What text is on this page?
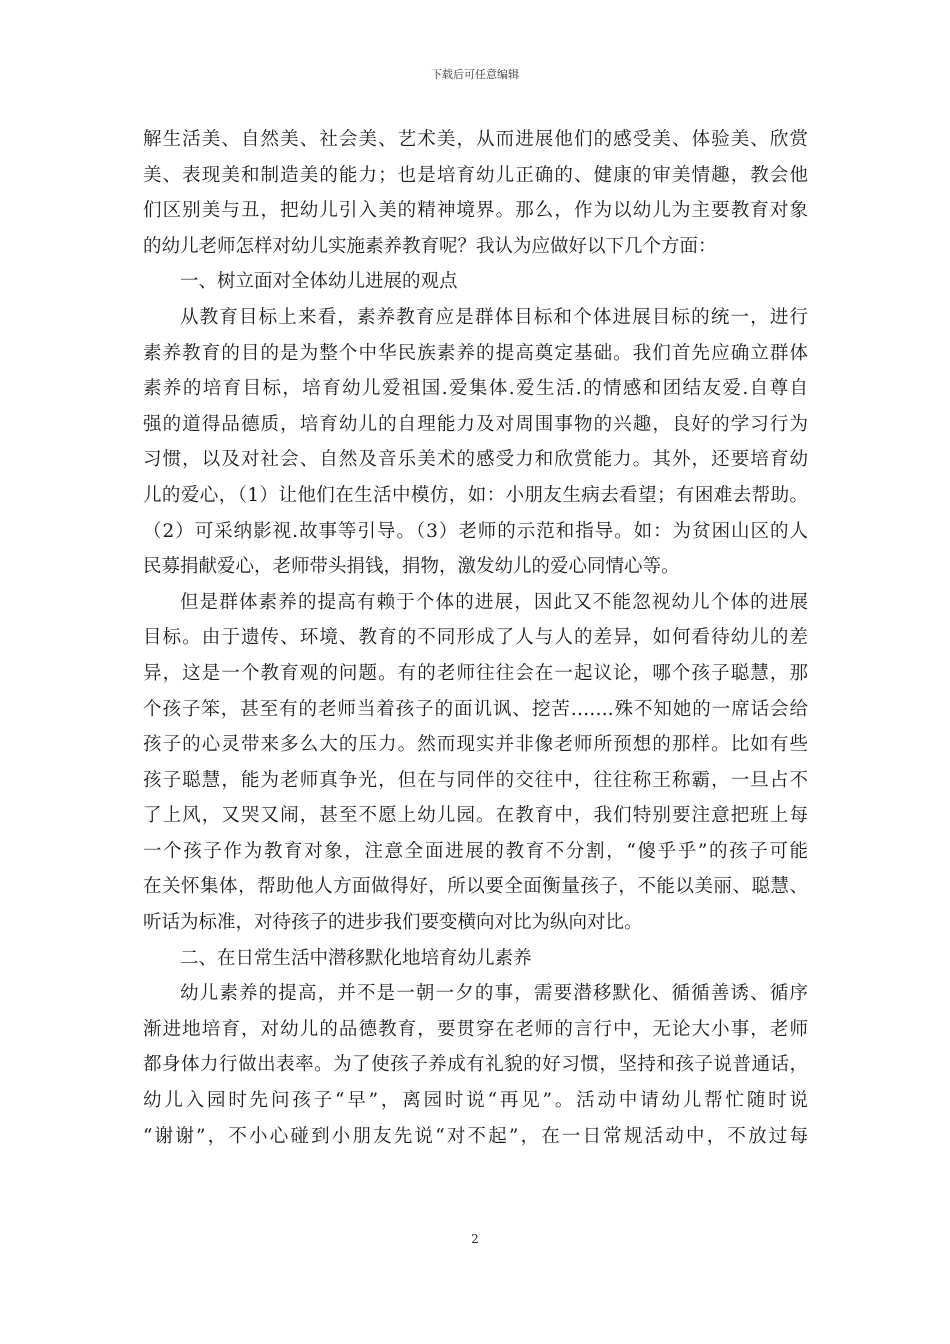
下载后可任意编辑
解生活美、自然美、社会美、艺术美，从而进展他们的感受美、体验美、欣赏
美、表现美和制造美的能力；也是培育幼儿正确的、健康的审美情趣，教会他
们区别美与丑，把幼儿引入美的精神境界。那么，作为以幼儿为主要教育对象
的幼儿老师怎样对幼儿实施素养教育呢？我认为应做好以下几个方面：
一、树立面对全体幼儿进展的观点
从教育目标上来看，素养教育应是群体目标和个体进展目标的统一，进行
素养教育的目的是为整个中华民族素养的提高奠定基础。我们首先应确立群体
素养的培育目标，培育幼儿爱祖国.爱集体.爱生活.的情感和团结友爱.自尊自
强的道得品德质，培育幼儿的自理能力及对周围事物的兴趣，良好的学习行为
习惯，以及对社会、自然及音乐美术的感受力和欣赏能力。其外，还要培育幼
儿的爱心，（1）让他们在生活中模仿，如：小朋友生病去看望；有困难去帮助。
（2）可采纳影视.故事等引导。（3）老师的示范和指导。如：为贫困山区的人
民募捐献爱心，老师带头捐钱，捐物，激发幼儿的爱心同情心等。
但是群体素养的提高有赖于个体的进展，因此又不能忽视幼儿个体的进展
目标。由于遗传、环境、教育的不同形成了人与人的差异，如何看待幼儿的差
异，这是一个教育观的问题。有的老师往往会在一起议论，哪个孩子聪慧，那
个孩子笨，甚至有的老师当着孩子的面讥讽、挖苦…….殊不知她的一席话会给
孩子的心灵带来多么大的压力。然而现实并非像老师所预想的那样。比如有些
孩子聪慧，能为老师真争光，但在与同伴的交往中，往往称王称霸，一旦占不
了上风，又哭又闹，甚至不愿上幼儿园。在教育中，我们特别要注意把班上每
一个孩子作为教育对象，注意全面进展的教育不分割，“傻乎乎”的孩子可能
在关怀集体，帮助他人方面做得好，所以要全面衡量孩子，不能以美丽、聪慧、
听话为标准，对待孩子的进步我们要变横向对比为纵向对比。
二、在日常生活中潜移默化地培育幼儿素养
幼儿素养的提高，并不是一朝一夕的事，需要潜移默化、循循善诱、循序
渐进地培育，对幼儿的品德教育，要贯穿在老师的言行中，无论大小事，老师
都身体力行做出表率。为了使孩子养成有礼貌的好习惯，坚持和孩子说普通话，
幼儿入园时先问孩子“早”，离园时说“再见”。活动中请幼儿帮忙随时说
“谢谢”，不小心碰到小朋友先说“对不起”，在一日常规活动中，不放过每
2
